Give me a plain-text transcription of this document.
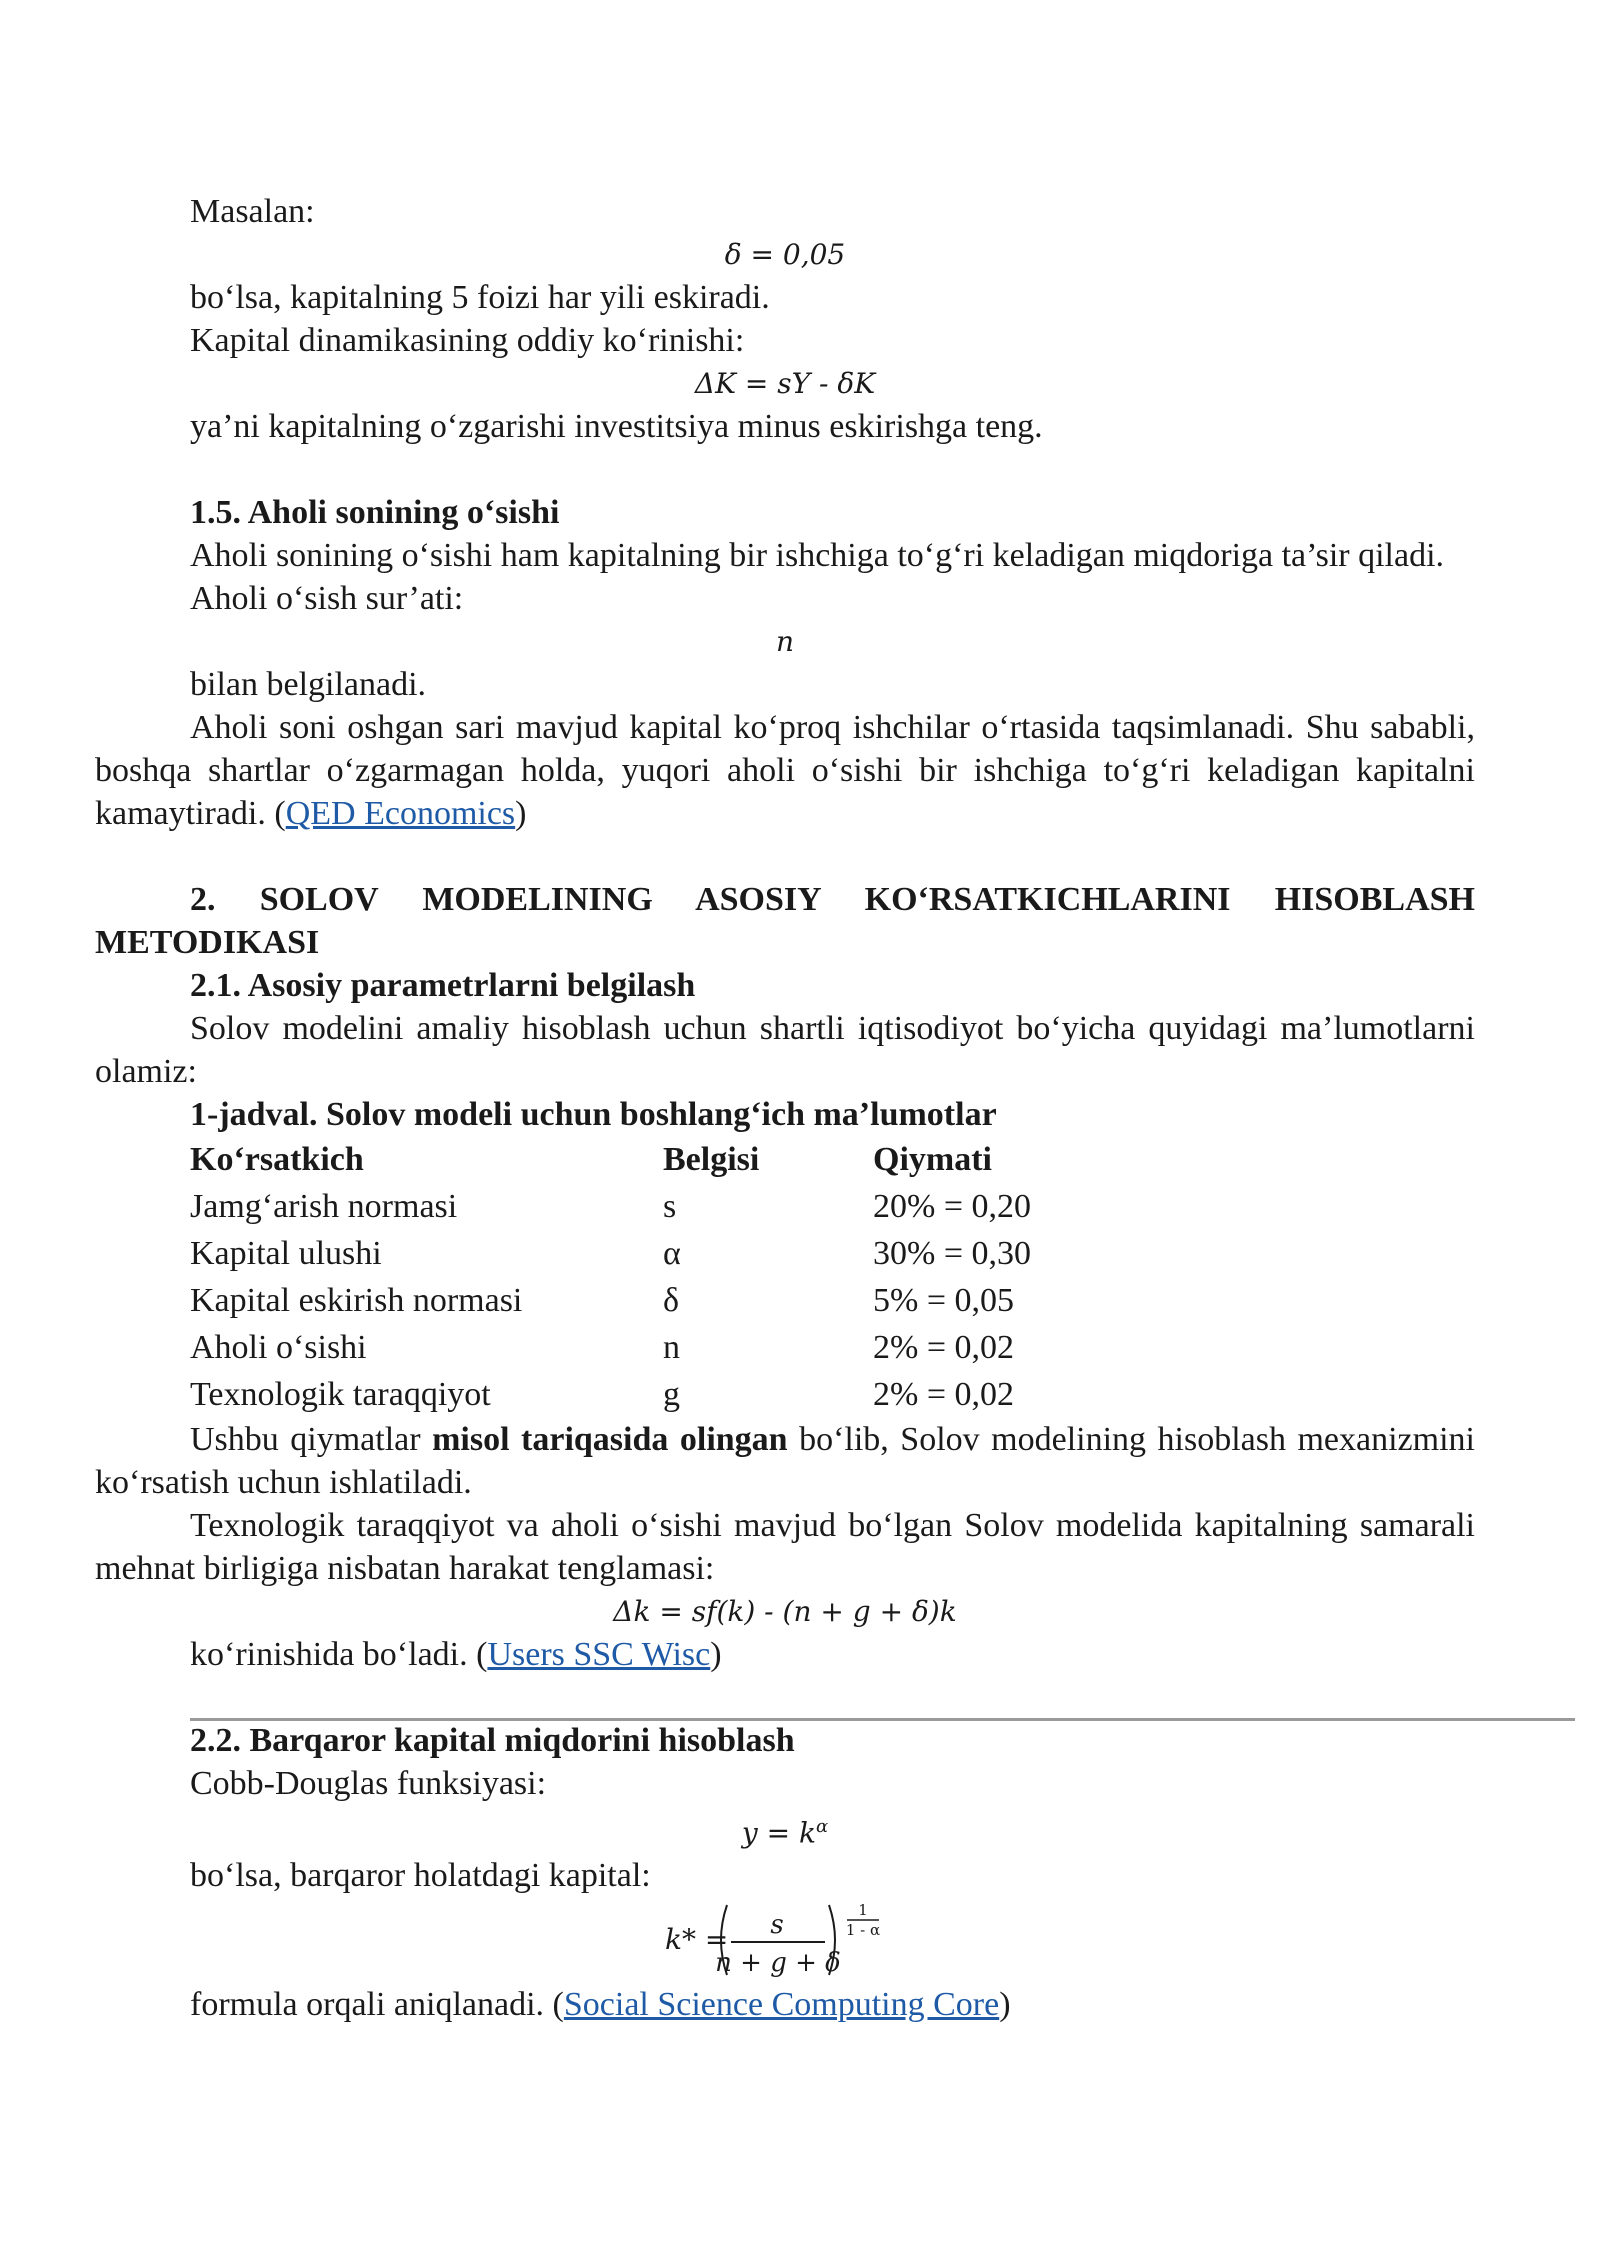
Masalan:

δ = 0,05

bo‘lsa, kapitalning 5 foizi har yili eskiradi.

Kapital dinamikasining oddiy ko‘rinishi:

ΔK = sY - δK

ya’ni kapitalning o‘zgarishi investitsiya minus eskirishga teng.

1.5. Aholi sonining o‘sishi

Aholi sonining o‘sishi ham kapitalning bir ishchiga to‘g‘ri keladigan miqdoriga ta’sir qiladi.

Aholi o‘sish sur’ati:

n

bilan belgilanadi.

Aholi soni oshgan sari mavjud kapital ko‘proq ishchilar o‘rtasida taqsimlanadi. Shu sababli, boshqa shartlar o‘zgarmagan holda, yuqori aholi o‘sishi bir ishchiga to‘g‘ri keladigan kapitalni kamaytiradi. (QED Economics)

2. SOLOV MODELINING ASOSIY KO‘RSATKICHLARINI HISOBLASH METODIKASI
2.1. Asosiy parametrlarni belgilash

Solov modelini amaliy hisoblash uchun shartli iqtisodiyot bo‘yicha quyidagi ma’lumotlarni olamiz:

1-jadval. Solov modeli uchun boshlang‘ich ma’lumotlar

Ko‘rsatkich	Belgisi	Qiymati
Jamg‘arish normasi	s	20% = 0,20
Kapital ulushi	α	30% = 0,30
Kapital eskirish normasi	δ	5% = 0,05
Aholi o‘sishi	n	2% = 0,02
Texnologik taraqqiyot	g	2% = 0,02

Ushbu qiymatlar misol tariqasida olingan bo‘lib, Solov modelining hisoblash mexanizmini ko‘rsatish uchun ishlatiladi.

Texnologik taraqqiyot va aholi o‘sishi mavjud bo‘lgan Solov modelida kapitalning samarali mehnat birligiga nisbatan harakat tenglamasi:

Δk = sf(k) - (n + g + δ)k

ko‘rinishida bo‘ladi. (Users SSC Wisc)

2.2. Barqaror kapital miqdorini hisoblash

Cobb-Douglas funksiyasi:

$y = k^\alpha$

bo‘lsa, barqaror holatdagi kapital:

k* = s
n + g + δ
1
1 - α

formula orqali aniqlanadi. (Social Science Computing Core)
